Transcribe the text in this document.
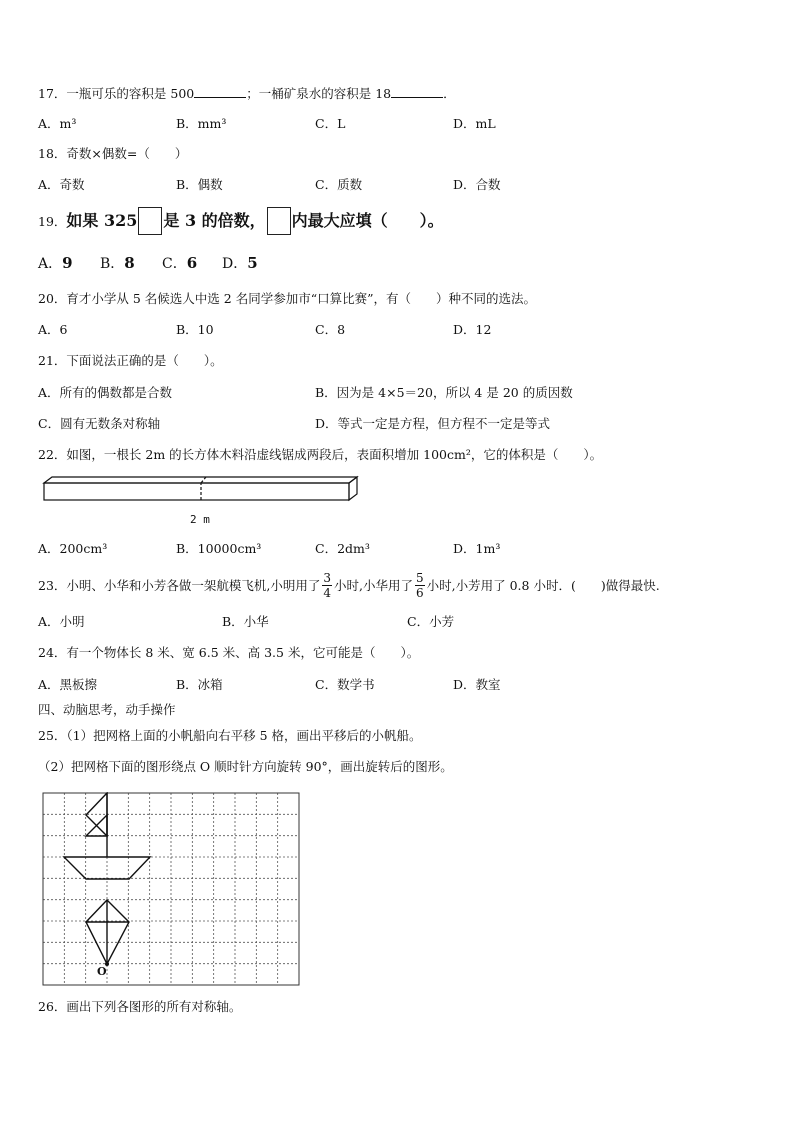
17．一瓶可乐的容积是 500	；一桶矿泉水的容积是 18	．
A．m³	B．mm³	C．L	D．mL
18．奇数×偶数=（　　）
A．奇数	B．偶数	C．质数	D．合数
19．如果 325 是 3 的倍数， 内最大应填（　　）。
A．9 B．8 C．6 D．5
20．育才小学从 5 名候选人中选 2 名同学参加市“口算比赛”，有（　　）种不同的选法。
A．6	B．10	C．8	D．12
21．下面说法正确的是（　　）。
A．所有的偶数都是合数	B．因为是 4×5＝20，所以 4 是 20 的质因数
C．圆有无数条对称轴	D．等式一定是方程，但方程不一定是等式
22．如图，一根长 2m 的长方体木料沿虚线锯成两段后，表面积增加 100cm²，它的体积是（　　）。
2 m
A．200cm³	B．10000cm³	C．2dm³	D．1m³
23．小明、小华和小芳各做一架航模飞机,小明用了 $\frac{3}{4}$ 小时,小华用了 $\frac{5}{6}$ 小时,小芳用了 0.8 小时．(　　)做得最快.
A．小明	B．小华	C．小芳
24．有一个物体长 8 米、宽 6.5 米、高 3.5 米，它可能是（　　）。
A．黑板擦	B．冰箱	C．数学书	D．教室
四、动脑思考，动手操作
25．（1）把网格上面的小帆船向右平移 5 格，画出平移后的小帆船。
（2）把网格下面的图形绕点 O 顺时针方向旋转 90°，画出旋转后的图形。
O
26．画出下列各图形的所有对称轴。
